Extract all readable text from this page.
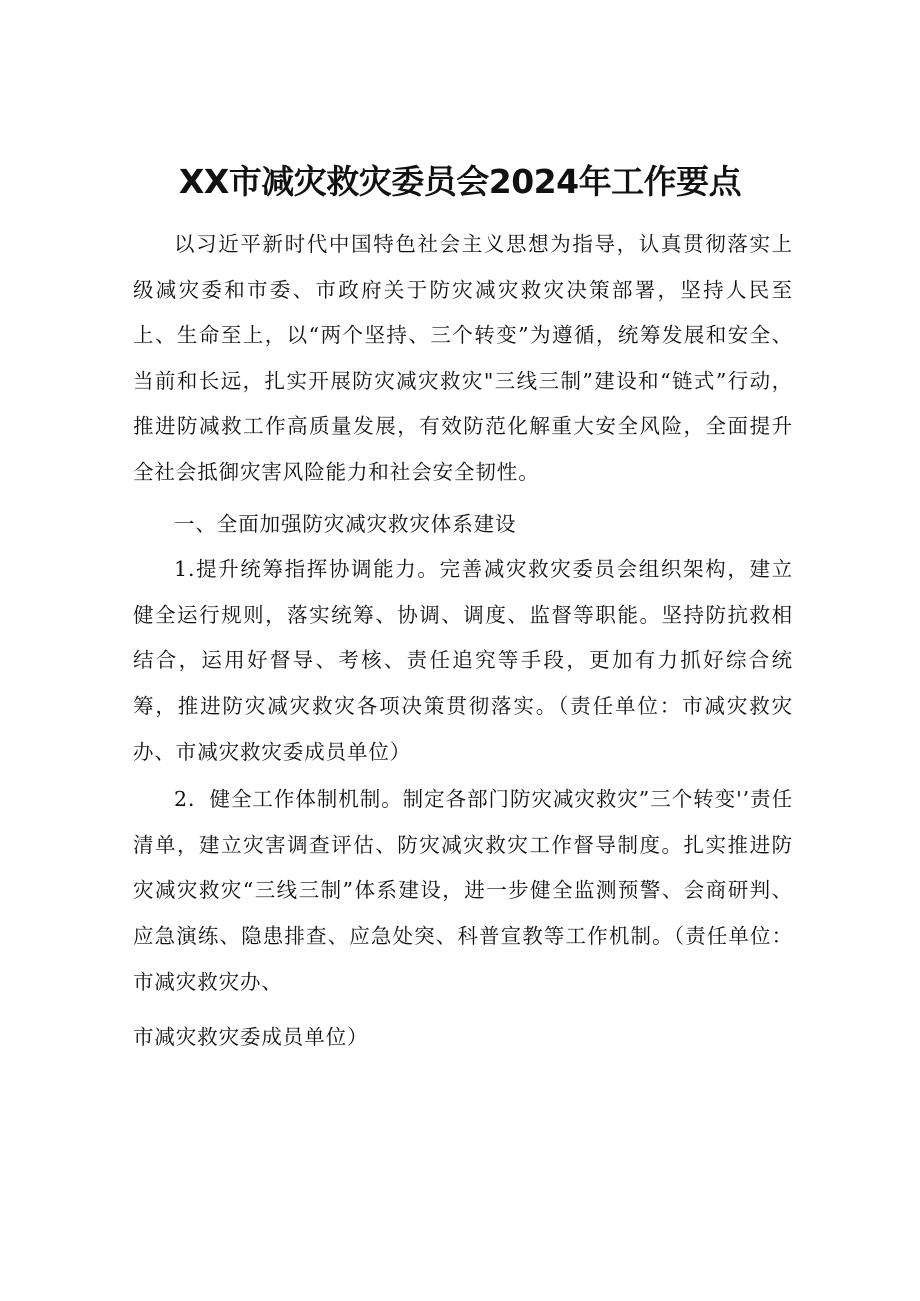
XX市减灾救灾委员会2024年工作要点

以习近平新时代中国特色社会主义思想为指导，认真贯彻落实上级减灾委和市委、市政府关于防灾减灾救灾决策部署，坚持人民至上、生命至上，以“两个坚持、三个转变”为遵循，统筹发展和安全、当前和长远，扎实开展防灾减灾救灾"三线三制”建设和“链式”行动，推进防减救工作高质量发展，有效防范化解重大安全风险，全面提升全社会抵御灾害风险能力和社会安全韧性。

一、全面加强防灾减灾救灾体系建设

1.提升统筹指挥协调能力。完善减灾救灾委员会组织架构，建立健全运行规则，落实统筹、协调、调度、监督等职能。坚持防抗救相结合，运用好督导、考核、责任追究等手段，更加有力抓好综合统筹，推进防灾减灾救灾各项决策贯彻落实。（责任单位：市减灾救灾办、市减灾救灾委成员单位）

2．健全工作体制机制。制定各部门防灾减灾救灾”三个转变'’责任清单，建立灾害调查评估、防灾减灾救灾工作督导制度。扎实推进防灾减灾救灾“三线三制”体系建设，进一步健全监测预警、会商研判、应急演练、隐患排查、应急处突、科普宣教等工作机制。（责任单位：市减灾救灾办、

市减灾救灾委成员单位）
